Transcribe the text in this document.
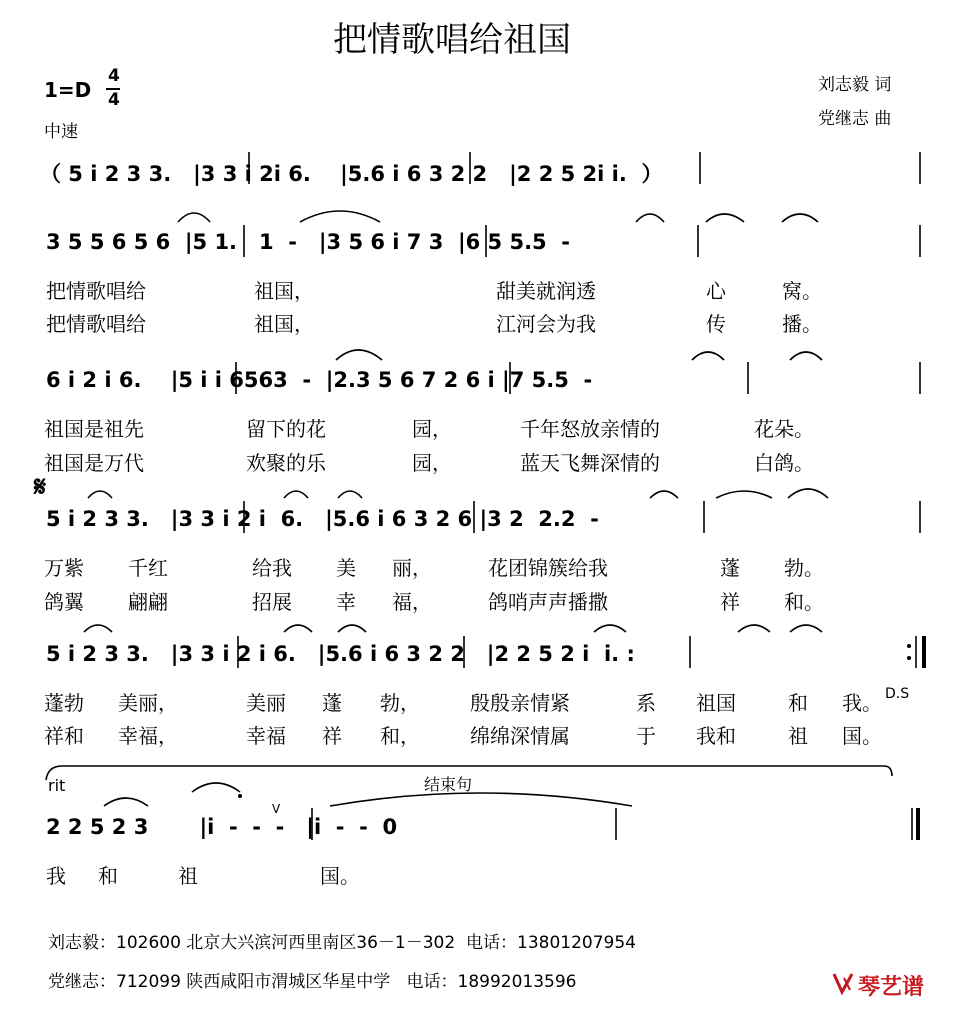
把情歌唱给祖国
1=D
4
4
中速
刘志毅 词
党继志 曲
（ 5 i 2 3 3.   |3 3 i 2i 6.    |5.6 i 6 3 2 2   |2 2 5 2i i.  ）
3 5 5 6 5 6  |5 1.   1  -   |3 5 6 i 7 3  |6 5 5.5  -
把情歌唱给	祖国，	甜美就润透	心	窝。
把情歌唱给	祖国，	江河会为我	传	播。
6 i 2 i 6.    |5 i i 6563  -  |2.3 5 6 7 2 6 i |7 5.5  -
祖国是祖先	留下的花	园，	千年怒放亲情的	花朵。
祖国是万代	欢聚的乐	园，	蓝天飞舞深情的	白鸽。
𝄋
5 i 2 3 3.   |3 3 i 2 i  6.   |5.6 i 6 3 2 6 |3 2  2.2  -
万紫 千红	给我 美 丽，	花团锦簇给我	蓬 勃。
鸽翼 翩翩	招展 幸 福，	鸽哨声声播撒	祥 和。
5 i 2 3 3.   |3 3 i 2 i 6.   |5.6 i 6 3 2 2   |2 2 5 2 i  i. :
蓬勃 美丽，	美丽 蓬 勃，	殷殷亲情紧	系 祖国	和 我。 D.S
祥和 幸福，	幸福 祥 和，	绵绵深情属	于 我和	祖 国。
rit	结束句
2 2 5 2 3       |i  -  -  -   |i  -  -  0
V
我 和	祖	国。
刘志毅：102600 北京大兴滨河西里南区36－1－302  电话：13801207954
党继志：712099 陕西咸阳市渭城区华星中学   电话：18992013596

	琴艺谱
